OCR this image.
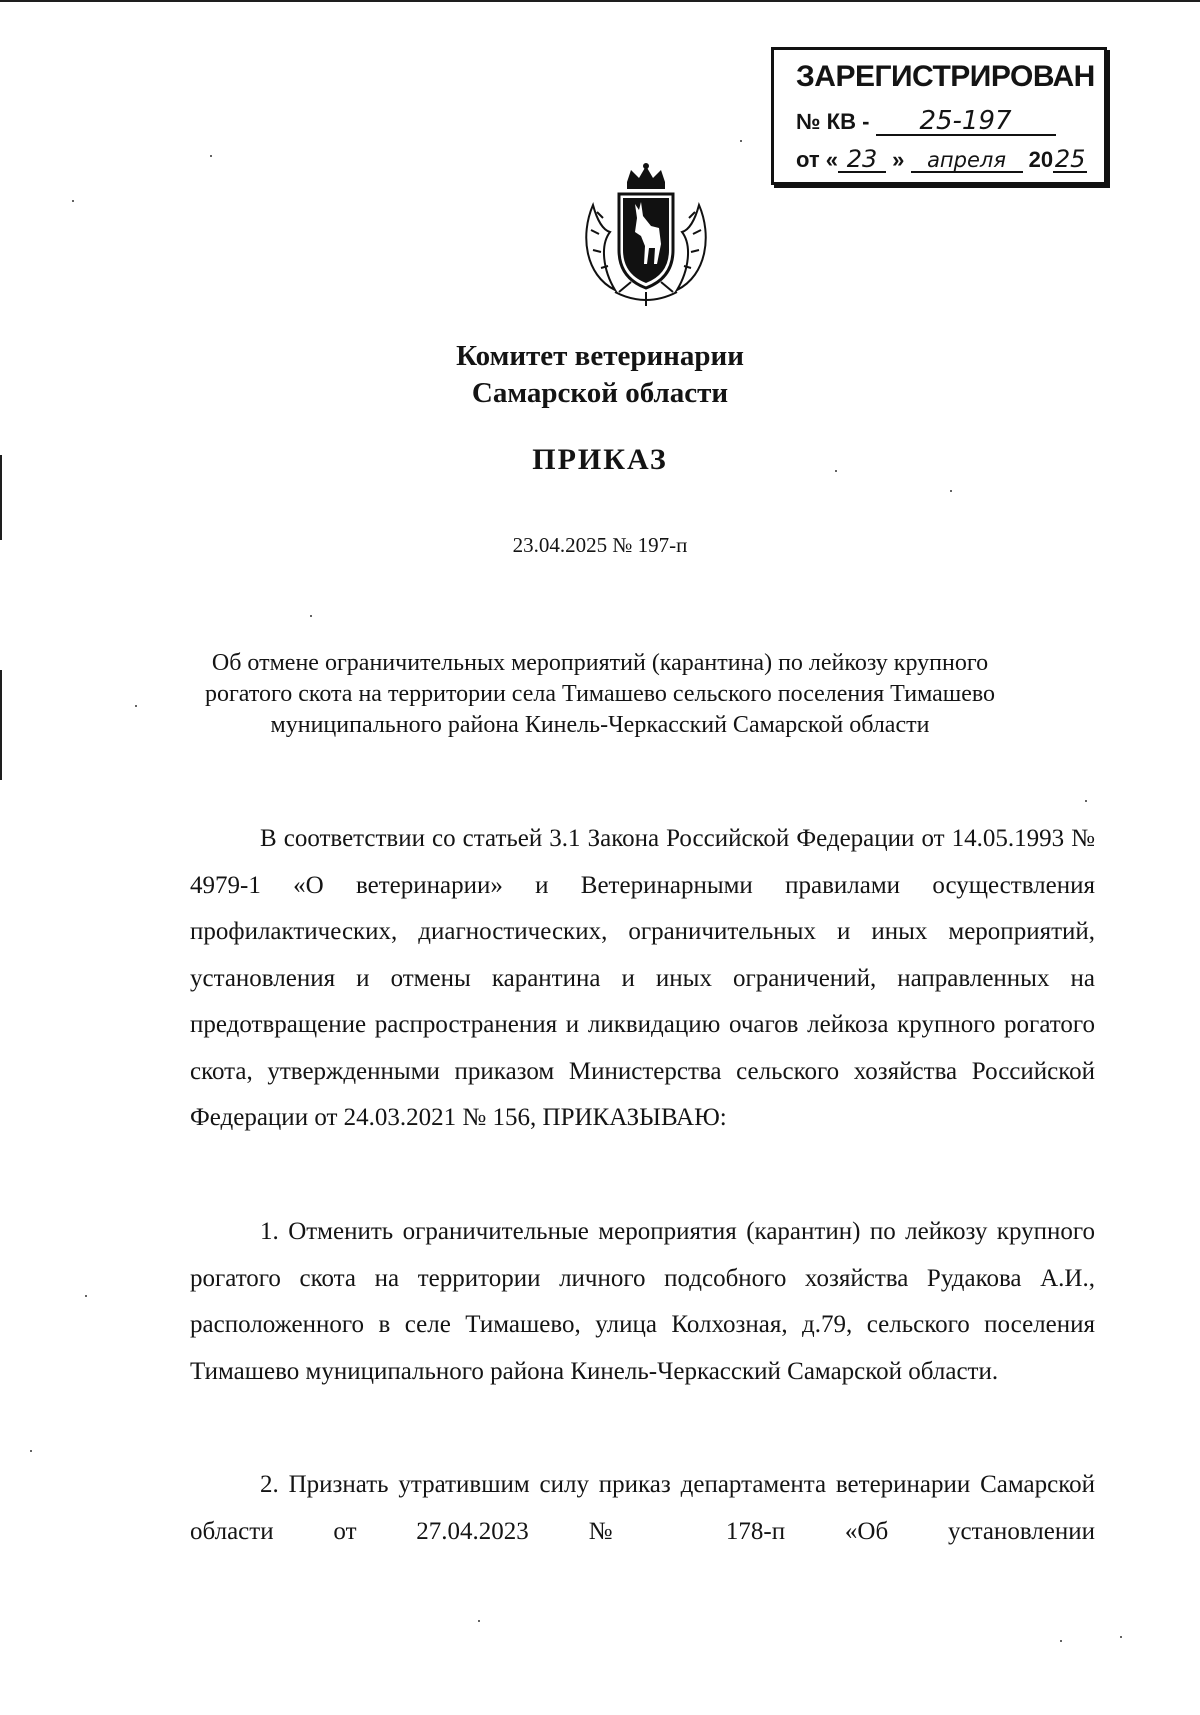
ЗАРЕГИСТРИРОВАН
№ КВ - 25-197
от « 23 » апреля 2025
Комитет ветеринарии
Самарской области
ПРИКАЗ
23.04.2025 № 197-п
Об отмене ограничительных мероприятий (карантина) по лейкозу крупного
рогатого скота на территории села Тимашево сельского поселения Тимашево
муниципального района Кинель-Черкасский Самарской области

В соответствии со статьей 3.1 Закона Российской Федерации от 14.05.1993 № 4979-1 «О ветеринарии» и Ветеринарными правилами осуществления профилактических, диагностических, ограничительных и иных мероприятий, установления и отмены карантина и иных ограничений, направленных на предотвращение распространения и ликвидацию очагов лейкоза крупного рогатого скота, утвержденными приказом Министерства сельского хозяйства Российской Федерации от 24.03.2021 № 156, ПРИКАЗЫВАЮ:

1. Отменить ограничительные мероприятия (карантин) по лейкозу крупного рогатого скота на территории личного подсобного хозяйства Рудакова А.И., расположенного в селе Тимашево, улица Колхозная, д.79, сельского поселения Тимашево муниципального района Кинель-Черкасский Самарской области.

2. Признать утратившим силу приказ департамента ветеринарии Самарской области от 27.04.2023 № 178-п «Об установлении
